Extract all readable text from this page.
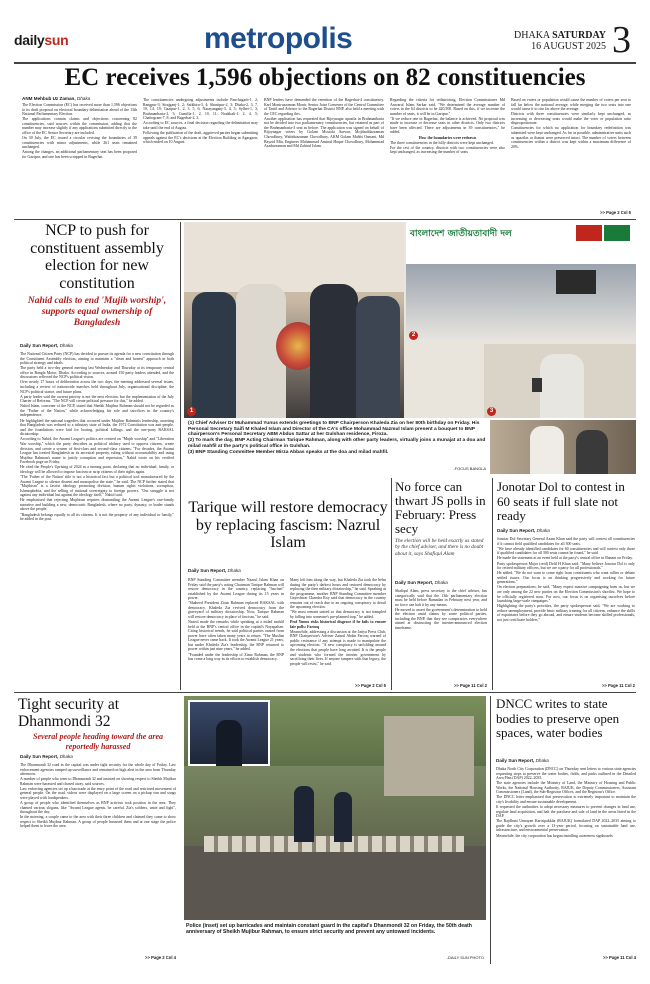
dailysun	metropolis	DHAKA SATURDAY
16 AUGUST 2025 3
EC receives 1,596 objections on 82 constituencies
ANM Mehbub Uz Zaman, Dhaka

The Election Commission (EC) has received more than 1,596 objections to its draft proposal on electoral boundary delimitation ahead of the 13th National Parliamentary Election.

The applications contain claims and objections concerning 82 constituencies, said sources within the commission, adding that the number may increase slightly if any applications submitted directly to the office of the EC Senior Secretary are included.

On 30 July, the EC issued a circular revising the boundaries of 39 constituencies with minor adjustments, while 261 seats remained unchanged.

Among the changes, an additional parliamentary seat has been proposed for Gazipur, and one has been scrapped in Bagerhat.

The constituencies undergoing adjustments include Panchagarh-1, 2; Rangpur-3; Sirajganj-1, 2; Satkhira-3, 4; Sharitpur-2, 3; Dhaka-2, 3, 7, 10, 14, 19; Gazipur-1, 2, 3, 5, 6; Narayanganj-3, 4, 5; Sylhet-1, 3; Brahmanbaria-2, 3; Cumilla-1, 2, 10, 11; Noakhali-1, 2, 4, 5; Chattogram-7, 8; and Bagerhat-2, 3.

According to EC sources, a final decision regarding the delimitation may take until the end of August.

Following the publication of the draft, aggrieved parties began submitting appeals against the EC's decisions at the Election Building in Agargaon, which ended on 10 August.

BNP leaders have demanded the retention of the Bagerhat-4 constituency. Karl Moniruzzaman Monir, Senior Joint Convener of the Central Committee of Tantil and Advisor to the Bagerhat District BNP, also held a meeting with the CEC regarding this.

Another application has requested that Bijoynagar upazila in Brahmanbaria not be divided into two parliamentary constituencies, but retained as part of the Brahmanbaria-3 seat as before. The application was signed on behalf of Bijoynagar voters by Golam Mostafa Sarwar, Mojibuddazzaman Chowdhury, Wahiduzzaman Chowdhury, AKM Golam Mahbi Osmani, Md Bayzid Mia, Engineer Mohammad Aminul Haque Chowdhury, Mohammad Asaduzzaman and Md Zahirul Islam.

Regarding the criteria for redistricting, Election Commissioner Md Anwarul Islam Sarkar said, "We determined the average number of voters in the 64 districts to be 420,500. Based on this, if we increase the number of seats, it will be in Gazipur."

"If we reduce one in Bagerhat, the balance is achieved. No proposal was made to increase or decrease seats in other districts. Only two districts have been affected. There are adjustments in 39 constituencies," he added.

How the boundaries were redrawn

The three constituencies in the hilly districts were kept unchanged.

For the rest of the country, districts with two constituencies were also kept unchanged, as increasing the number of seats

Based on voters or population would cause the number of voters per seat to fall far below the national average, while merging the two seats into one would cause it to rise far above the average.

Districts with three constituencies were similarly kept unchanged, as increasing or decreasing seats would make the voter or population ratio disproportionate.

Constituencies for which no application for boundary redefinition was submitted were kept unchanged. As far as possible, administrative units such as upazilas or thanas were preserved intact. The number of voters between constituencies within a district was kept within a maximum difference of 20%.

>> Page 2 Col 5
NCP to push for constituent assembly election for new constitution
Nahid calls to end 'Mujib worship', supports equal ownership of Bangladesh
Daily Sun Report, Dhaka

The National Citizen Party (NCP) has decided to pursue its agenda for a new constitution through the Constituent Assembly election, aiming to maintain a "clean and honest" approach in both political strategy and ideals.

The party held a two-day general meeting last Wednesday and Thursday at its temporary central office in Bangla Motor, Dhaka. According to sources, around 150 party leaders attended, and the discussions reflected the NCP's political vision.

Over nearly 17 hours of deliberation across the two days, the meeting addressed several issues, including a review of nationwide marches held throughout July, organisational discipline, the NCP's political stance, and future plans.

A party leader said the current priority is not the next election, but the implementation of the July Charter of Reforms. "The NCP will create political pressure for this," he added.

Nahid Islam, convener of the NCP, stated that Sheikh Mujibur Rahman should not be regarded as the "Father of the Nation," while acknowledging his role and sacrifices in the country's independence.

He highlighted the national tragedies that occurred under Mujibur Rahman's leadership, asserting that Bangladesh was reduced to a tributary state of India, the 1972 Constitution was anti-people, and the foundations were laid for looting, political killings, and the one-party BAKSAL dictatorship.

According to Nahid, the Awami League's politics are centred on "Mujib worship" and "Liberation War worship," which the party describes as political idolatry used to oppress citizens, create division, and create a system of first-class and second-class citizens. "For decades, the Awami League has treated Bangladesh as its ancestral property, ruling without accountability and using Mujibur Rahman's name to justify corruption and repression," Nahid wrote on his verified Facebook page on Friday.

He cited the People's Uprising of 2024 as a turning point, declaring that no individual, family, or ideology will be allowed to impose fascism or strip citizens of their rights again.

"The 'Father of the Nation' title is not a historical fact but a political tool manufactured by the Awami League to silence dissent and monopolise the state," he said. The NCP further stated that "Mujibism" is a fascist ideology promoting division, human rights violations, corruption, Islamophobia, and the selling of national sovereignty to foreign powers. "Our struggle is not against any individual but against the ideology itself," Nahid said.

He emphasised that rejecting Mujibism requires dismantling the Awami League's one-family narrative and building a new, democratic Bangladesh, where no party, dynasty, or leader stands above the people.

"Bangladesh belongs equally to all its citizens. It is not the property of any individual or family," he added in the post.

বাংলাদেশ জাতীয়তাবাদী দল
1
2
3

(1) Chief Adviser Dr Muhammad Yunus extends greetings to BNP Chairperson Khaleda Zia on her 80th birthday on Friday. His Personal Secretary Saifi M Khaled Islam and Director of the CA's office Mohammad Nazmul Islam present a bouquet to BNP chairperson's Personal Secretary ABM Abdus Sattar at her Gulshan residence, Firoza.

(2) To mark the day, BNP Acting Chairman Tarique Rahman, along with other party leaders, virtually joins a munajat at a doa and milad mahfil at the party's political office in Gulshan.

(3) BNP Standing Committee Member Mirza Abbas speaks at the doa and milad mahfil.

-FOCUS BANGLA
Tarique will restore democracy by replacing fascism: Nazrul Islam
Daily Sun Report, Dhaka

BNP Standing Committee member Nazrul Islam Khan on Friday said the party's acting Chairman Tarique Rahman will restore democracy in the country, replacing "fascism" established by the Awami League during its 15 years in power.

"Shaheed President Ziaur Rahman replaced BAKSAL with democracy. Khaleda Zia revived democracy from the graveyard of military dictatorship. Now, Tarique Rahman will restore democracy in place of fascism," he said.

Nazrul made the remarks while speaking at a milad mahfil held at the BNP's central office in the capital's Nayapaltan. Citing historical trends, he said political parties ousted from power have often taken many years to return. "The Muslim League never came back. It took the Awami League 21 years, but under Khaleda Zia's leadership, the BNP returned to power within just nine years," he added.

"Founded under the leadership of Ziaur Rahman, the BNP has come a long way in its efforts to establish democracy.

Many left him along the way, but Khaleda Zia took the helm during the party's darkest hours and restored democracy by replacing the then military dictatorship," he said. Speaking at the programme, another BNP Standing Committee member Gayeshwar Chandra Roy said that democracy in the country remains out of reach due to an ongoing conspiracy to derail the upcoming election.

"We must remain united so that democracy is not trampled by falling into someone's pre-planned trap," he added.

Prof Yunus risks historical disgrace if he fails to ensure fair polls: Farooq

Meanwhile, addressing a discussion at the Jatiya Press Club, BNP Chairperson's Adviser Zainul Abdin Farooq warned of public resistance if any attempt is made to manipulate the upcoming election. "A new conspiracy is unfolding around the elections that people have long awaited. It is the people and students who formed the interim government by sacrificing their lives. If anyone tampers with that legacy, the people will resist," he said.

>> Page 2 Col 5
No force can thwart JS polls in February: Press secy
The election will be held exactly as stated by the chief adviser, and there is no doubt about it, says Shafiqul Alam
Daily Sun Report, Dhaka

Shafiqul Alam, press secretary to the chief adviser, has categorically said that the 13th parliamentary election must be held before Ramadan in February next year, and no force can halt it by any means.

He moved to assert the government's determination to hold the election amid claims by some political parties, including the BNP, that they see conspiracies everywhere aimed at obstructing the interim-announced election timeframe.

>> Page 11 Col 2
Jonotar Dol to contest in 60 seats if full slate not ready
Daily Sun Report, Dhaka

Jonotar Dol Secretary General Azam Khan said the party will contest all constituencies if it cannot field qualified candidates for all 300 seats.

"We have already identified candidates for 60 constituencies and will contest only those if qualified candidates for all 300 seats cannot be found," he said.

He made the statement at an event held at the party's central office in Banani on Friday.

Party spokesperson Major (retd) Delil H Khan said, "Many believe Jonotar Dol is only for retired military officers, but we are a party for all professionals."

He added, "We do not want to come right from constituents who want rallies or debate settled issues. Our focus is on thinking progressively and working for future generations."

On election preparations, he said, "Many expect massive campaigning from us, but we are only among the 22 new parties on the Election Commission's shortlist. We hope to be officially registered soon. For now, our focus is on organising ourselves before launching large-scale campaigns."

Highlighting the party's priorities, the party spokesperson said, "We are working to reduce unemployment, provide basic military training for all citizens, enhance the skills of expatriates before they go abroad, and ensure students become skilled professionals, not just certificate holders."

>> Page 11 Col 2
Tight security at Dhanmondi 32
Several people heading toward the area reportedly harassed
Daily Sun Report, Dhaka

The Dhanmondi 32 road in the capital was under tight security for the whole day of Friday. Law enforcement agencies ramped up surveillance and remained on high alert in the area from Thursday afternoon.

A number of people who went to Dhanmondi 32 and insisted on showing respect to Sheikh Mujibur Rahman were harassed and chased away, said sources.

Law enforcing agencies set up a barricade at the entry point of the road and restricted movement of general people. On the road, videos were displayed on a large screen on a pickup van and songs were played with loudspeakers.

A group of people who identified themselves as BNP activists took position in the area. They chanted various slogans, like "Awami League agents, be careful, Zia's soldiers, unite and fight", throughout the day.

In the morning, a couple came to the area with their three children and claimed they came to show respect to Sheikh Mujibur Rahman. A group of people harassed them and at one stage the police helped them to leave the area.

>> Page 2 Col 4
Police (inset) set up barricades and maintain constant guard in the capital's Dhanmondi 32 on Friday, the 50th death anniversary of Sheikh Mujibur Rahman, to ensure strict security and prevent any untoward incidents.
-DAILY SUN PHOTO
DNCC writes to state bodies to preserve open spaces, water bodies
Daily Sun Report, Dhaka

Dhaka North City Corporation (DNCC) on Thursday sent letters to various state agencies requesting steps to preserve the water bodies, fields, and parks outlined in the Detailed Area Plan (DAP) 2022–2035.

The state agencies include the Ministry of Land, the Ministry of Housing and Public Works, the National Housing Authority, RAJUK, the Deputy Commissioners, Assistant Commissioners (Land), the Sub-Registrar Offices, and the Registrar's Office.

The DNCC letter emphasised that preservation is extremely important to maintain the city's livability and ensure sustainable development.

It requested the authorities to adopt necessary measures to prevent changes in land use, regulate land acquisition, and halt the purchase and sale of land in the areas listed in the DAP.

The Rajdhani Unnayan Kartripakkha (RAJUK) formulated DAP 2022–2035 aiming to guide the city's growth over a 13-year period, focusing on sustainable land use, infrastructure, and environmental preservation.

Meanwhile, the city corporation has begun installing awareness signboards

>> Page 11 Col 4
